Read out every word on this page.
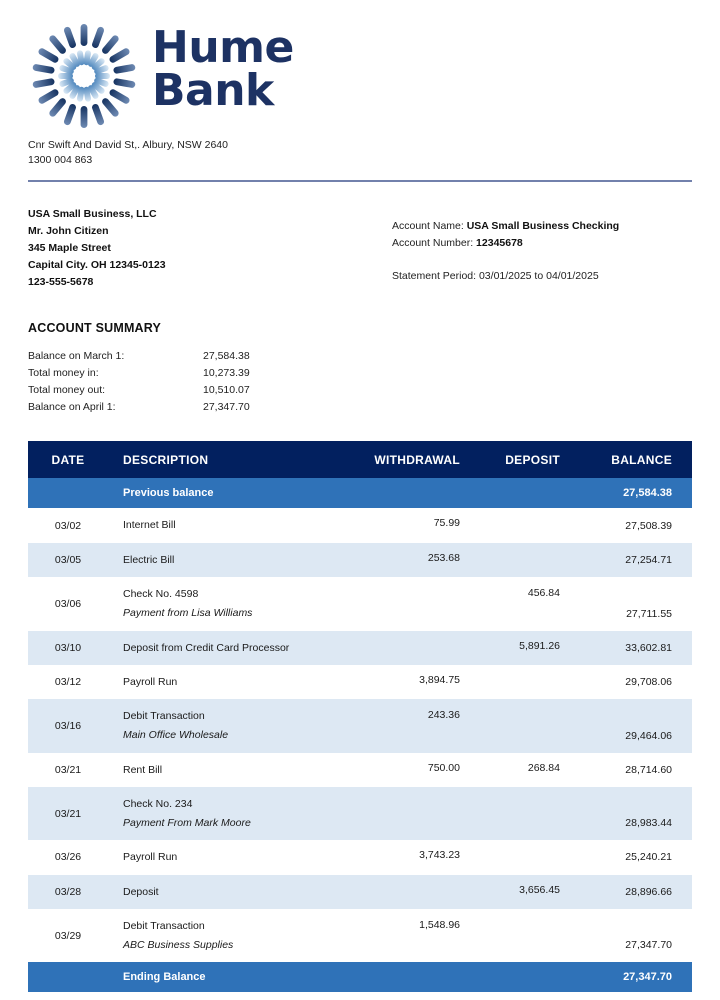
Hume
Bank
Cnr Swift And David St,. Albury, NSW 2640
1300 004 863
USA Small Business, LLC
Mr. John Citizen
345 Maple Street
Capital City. OH 12345-0123
123-555-5678
Account Name: USA Small Business Checking
Account Number: 12345678
Statement Period: 03/01/2025 to 04/01/2025
ACCOUNT SUMMARY
Balance on March 1:	27,584.38
Total money in:	10,273.39
Total money out:	10,510.07
Balance on April 1:	27,347.70
DATE	DESCRIPTION	WITHDRAWAL	DEPOSIT	BALANCE
	Previous balance			27,584.38
03/02	Internet Bill	75.99		27,508.39
03/05	Electric Bill	253.68		27,254.71
03/06	Check No. 4598
Payment from Lisa Williams		456.84	27,711.55
03/10	Deposit from Credit Card Processor		5,891.26	33,602.81
03/12	Payroll Run	3,894.75		29,708.06
03/16	Debit Transaction
Main Office Wholesale	243.36		29,464.06
03/21	Rent Bill	750.00	268.84	28,714.60
03/21	Check No. 234
Payment From Mark Moore			28,983.44
03/26	Payroll Run	3,743.23		25,240.21
03/28	Deposit		3,656.45	28,896.66
03/29	Debit Transaction
ABC Business Supplies	1,548.96		27,347.70
	Ending Balance			27,347.70
